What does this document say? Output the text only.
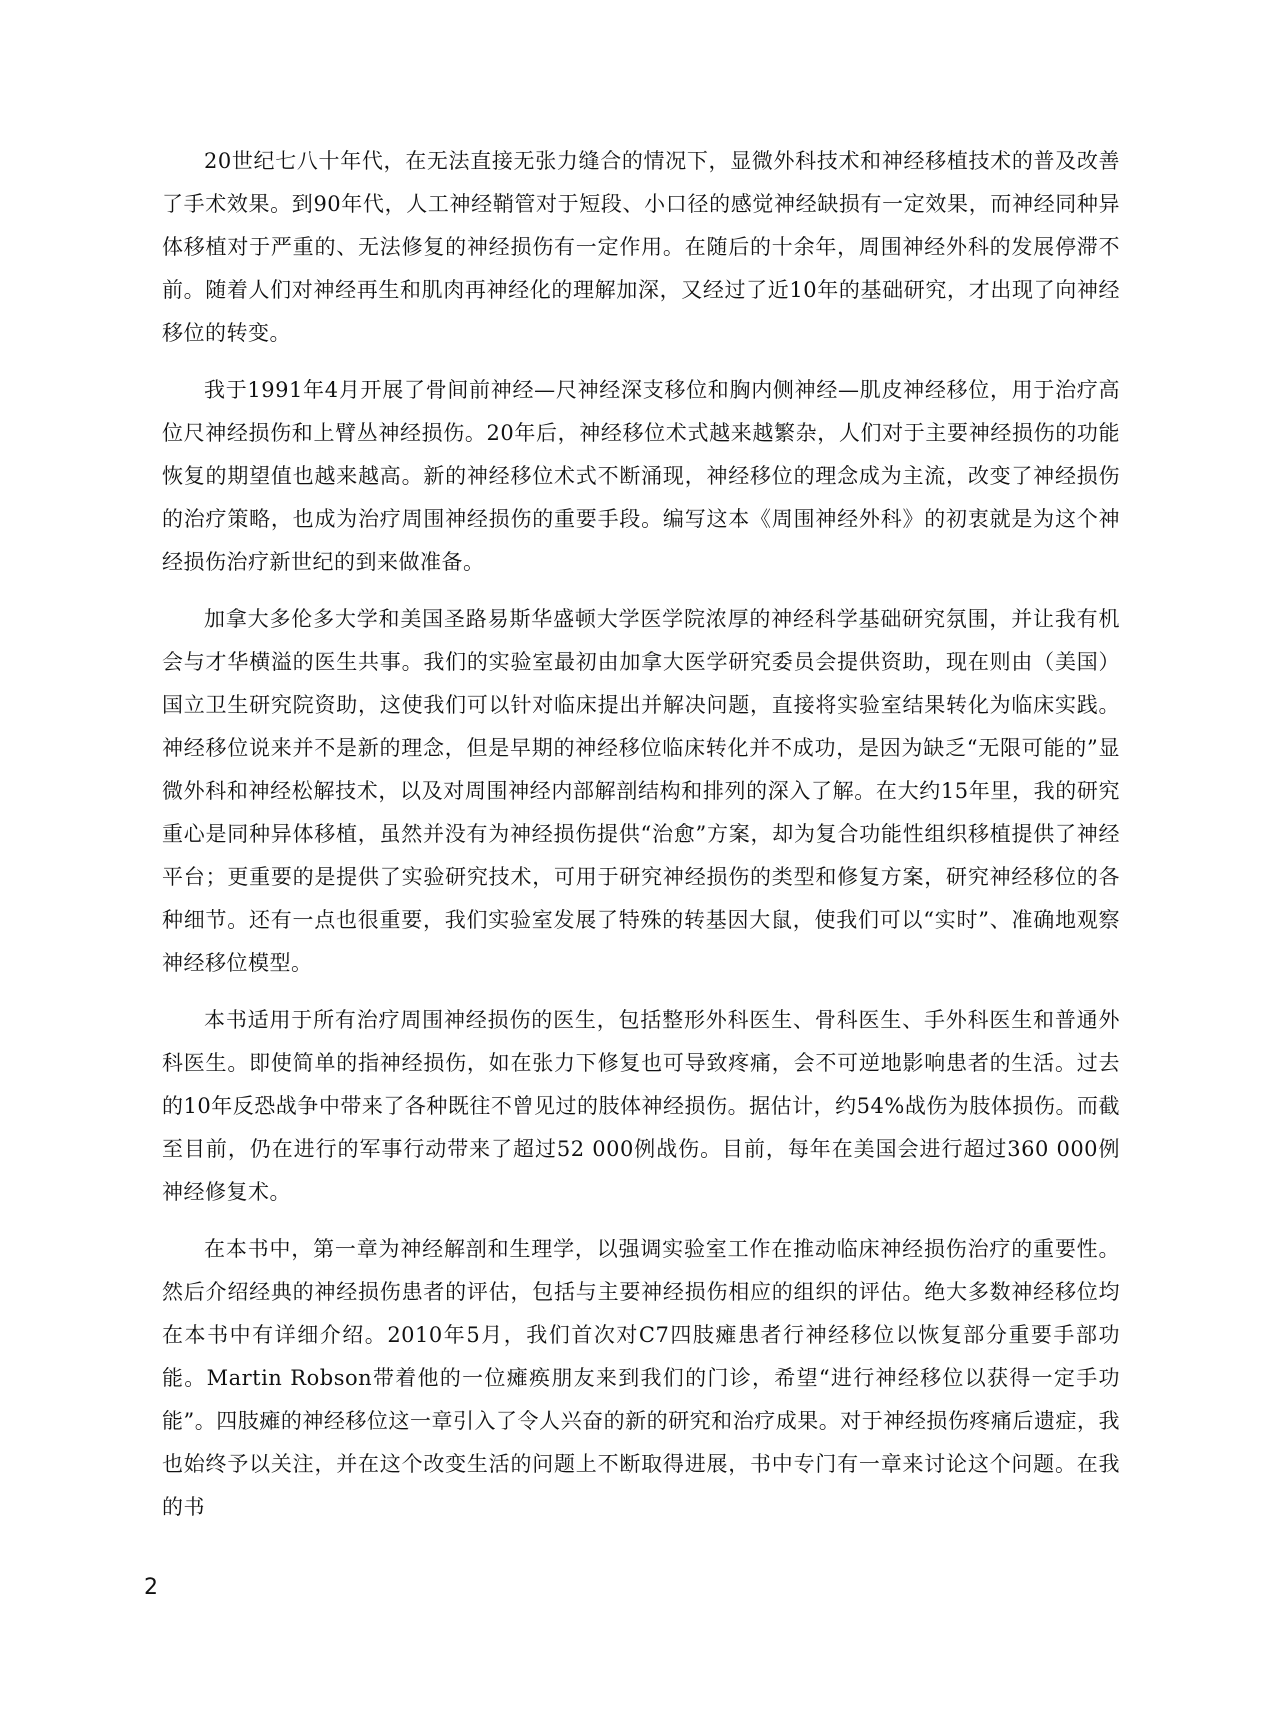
20世纪七八十年代，在无法直接无张力缝合的情况下，显微外科技术和神经移植技术的普及改善了手术效果。到90年代，人工神经鞘管对于短段、小口径的感觉神经缺损有一定效果，而神经同种异体移植对于严重的、无法修复的神经损伤有一定作用。在随后的十余年，周围神经外科的发展停滞不前。随着人们对神经再生和肌肉再神经化的理解加深，又经过了近10年的基础研究，才出现了向神经移位的转变。

我于1991年4月开展了骨间前神经—尺神经深支移位和胸内侧神经—肌皮神经移位，用于治疗高位尺神经损伤和上臂丛神经损伤。20年后，神经移位术式越来越繁杂，人们对于主要神经损伤的功能恢复的期望值也越来越高。新的神经移位术式不断涌现，神经移位的理念成为主流，改变了神经损伤的治疗策略，也成为治疗周围神经损伤的重要手段。编写这本《周围神经外科》的初衷就是为这个神经损伤治疗新世纪的到来做准备。

加拿大多伦多大学和美国圣路易斯华盛顿大学医学院浓厚的神经科学基础研究氛围，并让我有机会与才华横溢的医生共事。我们的实验室最初由加拿大医学研究委员会提供资助，现在则由（美国）国立卫生研究院资助，这使我们可以针对临床提出并解决问题，直接将实验室结果转化为临床实践。神经移位说来并不是新的理念，但是早期的神经移位临床转化并不成功，是因为缺乏“无限可能的”显微外科和神经松解技术，以及对周围神经内部解剖结构和排列的深入了解。在大约15年里，我的研究重心是同种异体移植，虽然并没有为神经损伤提供“治愈”方案，却为复合功能性组织移植提供了神经平台；更重要的是提供了实验研究技术，可用于研究神经损伤的类型和修复方案，研究神经移位的各种细节。还有一点也很重要，我们实验室发展了特殊的转基因大鼠，使我们可以“实时”、准确地观察神经移位模型。

本书适用于所有治疗周围神经损伤的医生，包括整形外科医生、骨科医生、手外科医生和普通外科医生。即使简单的指神经损伤，如在张力下修复也可导致疼痛，会不可逆地影响患者的生活。过去的10年反恐战争中带来了各种既往不曾见过的肢体神经损伤。据估计，约54%战伤为肢体损伤。而截至目前，仍在进行的军事行动带来了超过52 000例战伤。目前，每年在美国会进行超过360 000例神经修复术。

在本书中，第一章为神经解剖和生理学，以强调实验室工作在推动临床神经损伤治疗的重要性。然后介绍经典的神经损伤患者的评估，包括与主要神经损伤相应的组织的评估。绝大多数神经移位均在本书中有详细介绍。2010年5月，我们首次对C7四肢瘫患者行神经移位以恢复部分重要手部功能。Martin Robson带着他的一位瘫痪朋友来到我们的门诊，希望“进行神经移位以获得一定手功能”。四肢瘫的神经移位这一章引入了令人兴奋的新的研究和治疗成果。对于神经损伤疼痛后遗症，我也始终予以关注，并在这个改变生活的问题上不断取得进展，书中专门有一章来讨论这个问题。在我的书

2
